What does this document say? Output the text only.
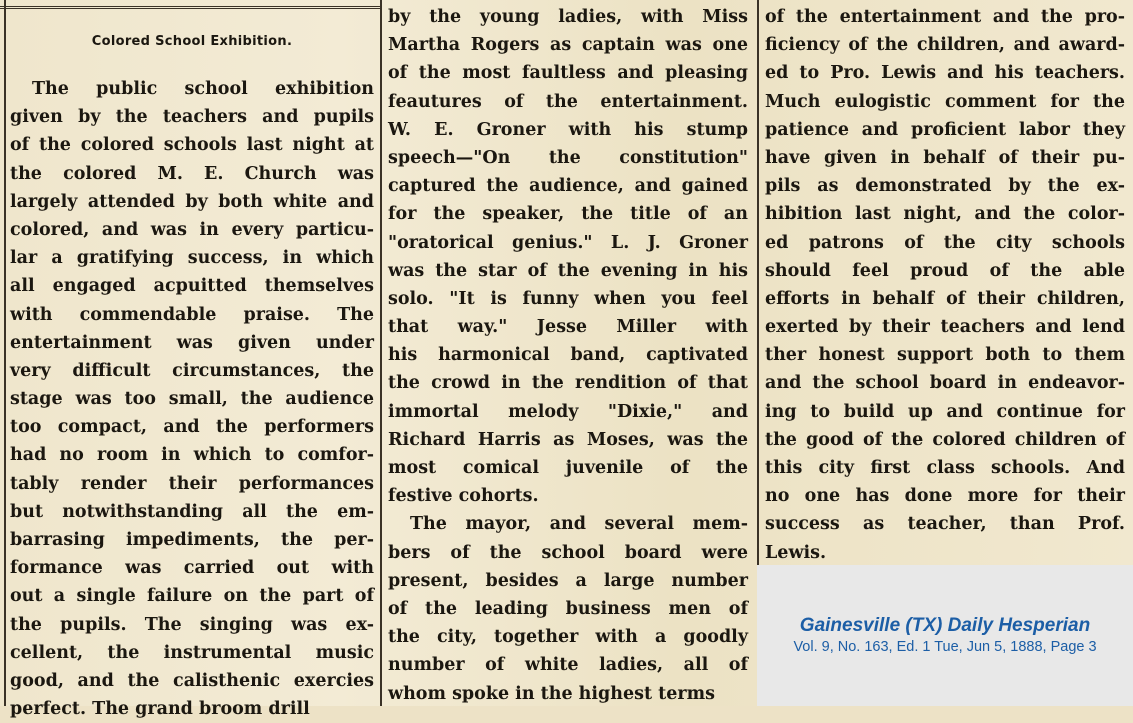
Colored School Exhibition.
The public school exhibition
given by the teachers and pupils
of the colored schools last night at
the colored M. E. Church was
largely attended by both white and
colored, and was in every particu-
lar a gratifying success, in which
all engaged acpuitted themselves
with commendable praise. The
entertainment was given under
very difficult circumstances, the
stage was too small, the audience
too compact, and the performers
had no room in which to comfor-
tably render their performances
but notwithstanding all the em-
barrasing impediments, the per-
formance was carried out with
out a single failure on the part of
the pupils. The singing was ex-
cellent, the instrumental music
good, and the calisthenic exercies
perfect. The grand broom drill
by the young ladies, with Miss
Martha Rogers as captain was one
of the most faultless and pleasing
feautures of the entertainment.
W. E. Groner with his stump
speech—"On the constitution"
captured the audience, and gained
for the speaker, the title of an
"oratorical genius." L. J. Groner
was the star of the evening in his
solo. "It is funny when you feel
that way." Jesse Miller with
his harmonical band, captivated
the crowd in the rendition of that
immortal melody "Dixie," and
Richard Harris as Moses, was the
most comical juvenile of the
festive cohorts.
The mayor, and several mem-
bers of the school board were
present, besides a large number
of the leading business men of
the city, together with a goodly
number of white ladies, all of
whom spoke in the highest terms
of the entertainment and the pro-
ficiency of the children, and award-
ed to Pro. Lewis and his teachers.
Much eulogistic comment for the
patience and proficient labor they
have given in behalf of their pu-
pils as demonstrated by the ex-
hibition last night, and the color-
ed patrons of the city schools
should feel proud of the able
efforts in behalf of their children,
exerted by their teachers and lend
ther honest support both to them
and the school board in endeavor-
ing to build up and continue for
the good of the colored children of
this city first class schools. And
no one has done more for their
success as teacher, than Prof.
Lewis.
Gainesville (TX) Daily Hesperian
Vol. 9, No. 163, Ed. 1 Tue, Jun 5, 1888, Page 3
